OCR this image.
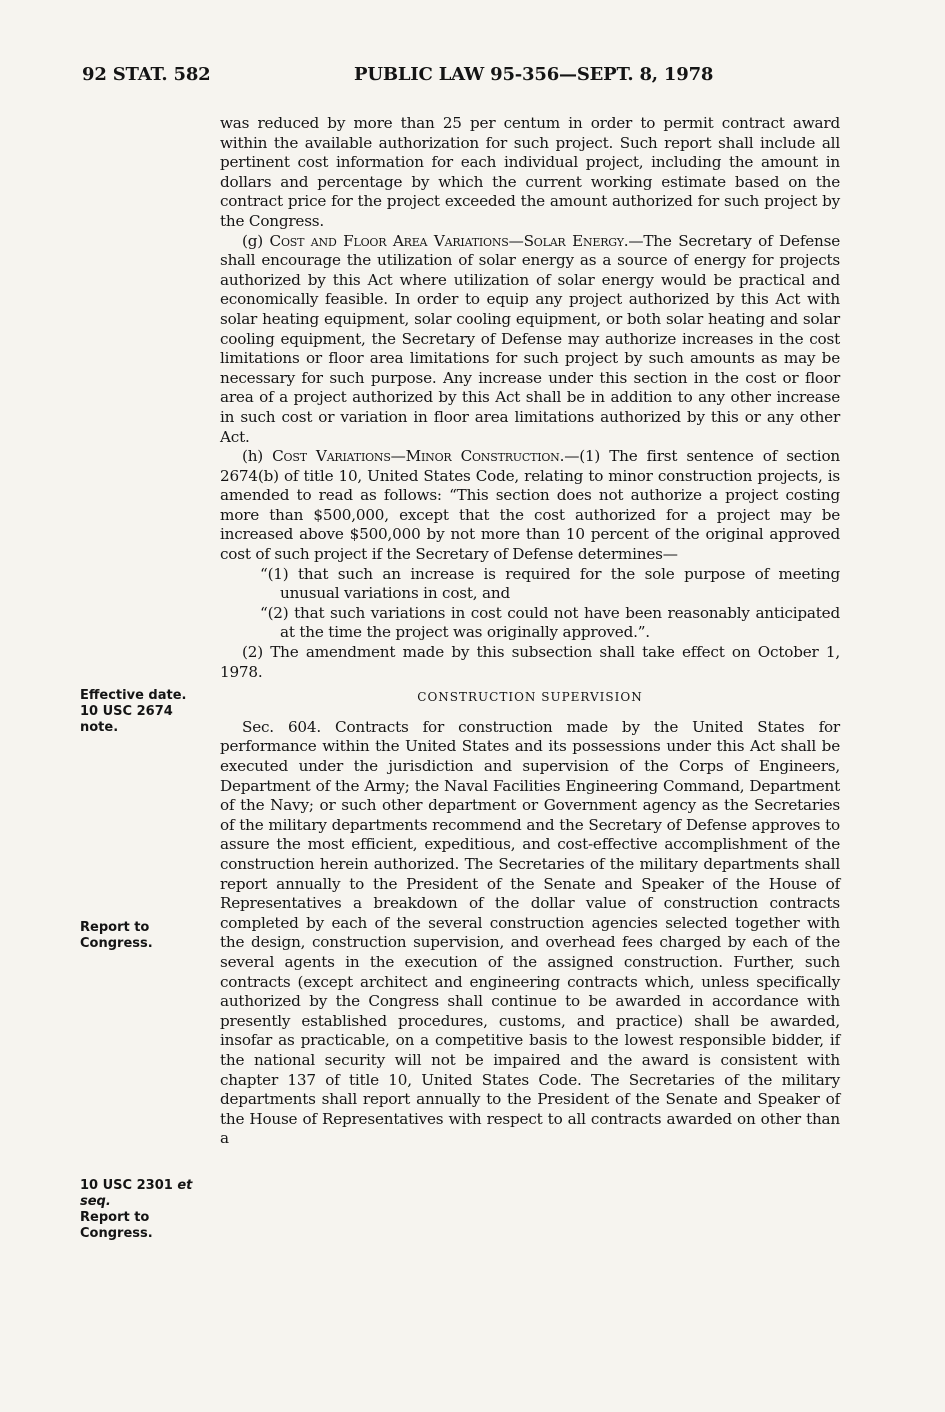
92 STAT. 582	PUBLIC LAW 95-356—SEPT. 8, 1978
Effective date.
10 USC 2674
note.
Report to
Congress.
10 USC 2301 et
seq.
Report to
Congress.

was reduced by more than 25 per centum in order to permit contract award within the available authorization for such project. Such report shall include all pertinent cost information for each individual project, including the amount in dollars and percentage by which the current working estimate based on the contract price for the project exceeded the amount authorized for such project by the Congress.

(g) Cost and Floor Area Variations—Solar Energy.—The Secretary of Defense shall encourage the utilization of solar energy as a source of energy for projects authorized by this Act where utilization of solar energy would be practical and economically feasible. In order to equip any project authorized by this Act with solar heating equipment, solar cooling equipment, or both solar heating and solar cooling equipment, the Secretary of Defense may authorize increases in the cost limitations or floor area limitations for such project by such amounts as may be necessary for such purpose. Any increase under this section in the cost or floor area of a project authorized by this Act shall be in addition to any other increase in such cost or variation in floor area limitations authorized by this or any other Act.

(h) Cost Variations—Minor Construction.—(1) The first sentence of section 2674(b) of title 10, United States Code, relating to minor construction projects, is amended to read as follows: “This section does not authorize a project costing more than $500,000, except that the cost authorized for a project may be increased above $500,000 by not more than 10 percent of the original approved cost of such project if the Secretary of Defense determines—

“(1) that such an increase is required for the sole purpose of meeting unusual variations in cost, and

“(2) that such variations in cost could not have been reasonably anticipated at the time the project was originally approved.”.

(2) The amendment made by this subsection shall take effect on October 1, 1978.

CONSTRUCTION SUPERVISION

Sec. 604. Contracts for construction made by the United States for performance within the United States and its possessions under this Act shall be executed under the jurisdiction and supervision of the Corps of Engineers, Department of the Army; the Naval Facilities Engineering Command, Department of the Navy; or such other department or Government agency as the Secretaries of the military departments recommend and the Secretary of Defense approves to assure the most efficient, expeditious, and cost-effective accomplishment of the construction herein authorized. The Secretaries of the military departments shall report annually to the President of the Senate and Speaker of the House of Representatives a breakdown of the dollar value of construction contracts completed by each of the several construction agencies selected together with the design, construction supervision, and overhead fees charged by each of the several agents in the execution of the assigned construction. Further, such contracts (except architect and engineering contracts which, unless specifically authorized by the Congress shall continue to be awarded in accordance with presently established procedures, customs, and practice) shall be awarded, insofar as practicable, on a competitive basis to the lowest responsible bidder, if the national security will not be impaired and the award is consistent with chapter 137 of title 10, United States Code. The Secretaries of the military departments shall report annually to the President of the Senate and Speaker of the House of Representatives with respect to all contracts awarded on other than a
